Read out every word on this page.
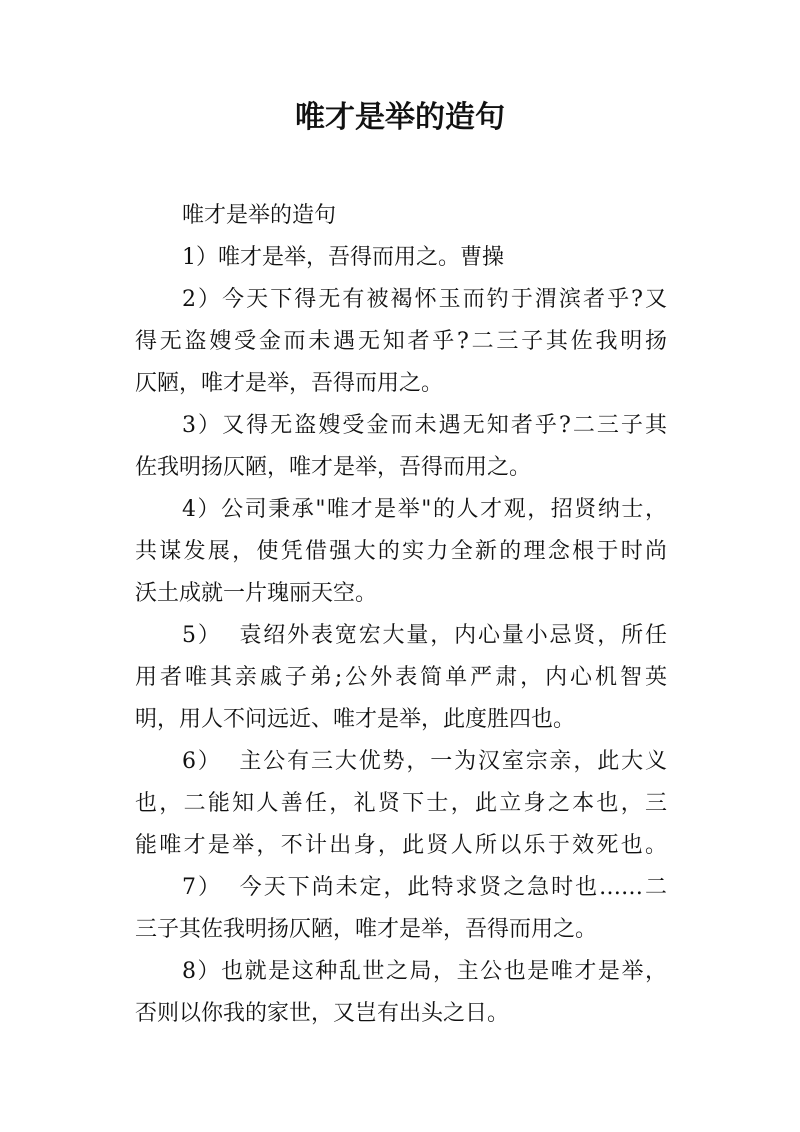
唯才是举的造句
唯才是举的造句
1）唯才是举，吾得而用之。曹操
2）今天下得无有被褐怀玉而钓于渭滨者乎?又
得无盗嫂受金而未遇无知者乎?二三子其佐我明扬
仄陋，唯才是举，吾得而用之。
3）又得无盗嫂受金而未遇无知者乎?二三子其
佐我明扬仄陋，唯才是举，吾得而用之。
4）公司秉承"唯才是举"的人才观，招贤纳士，
共谋发展，使凭借强大的实力全新的理念根于时尚
沃土成就一片瑰丽天空。
5）  袁绍外表宽宏大量，内心量小忌贤，所任
用者唯其亲戚子弟;公外表简单严肃，内心机智英
明，用人不问远近、唯才是举，此度胜四也。
6）  主公有三大优势，一为汉室宗亲，此大义
也，二能知人善任，礼贤下士，此立身之本也，三
能唯才是举，不计出身，此贤人所以乐于效死也。
7）  今天下尚未定，此特求贤之急时也……二
三子其佐我明扬仄陋，唯才是举，吾得而用之。
8）也就是这种乱世之局，主公也是唯才是举，
否则以你我的家世，又岂有出头之日。
